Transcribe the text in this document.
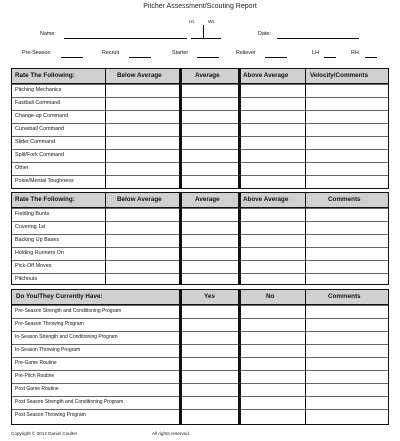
Pitcher Assessment/Scouting Report
Ht.	Wt.
Name:	Date:
Pre-Season	Recruit	Starter	Reliever	LH	RH
Rate The Following:	Below Average	Average	Above Average	Velocity/Comments
Pitching Mechanics
Fastball Command
Change-up Command
Curveball Command
Slider Command
Split/Fork Command
Other
Poise/Mental Toughness
Rate The Following:	Below Average	Average	Above Average	Comments
Fielding Bunts
Covering 1st
Backing Up Bases
Holding Runners On
Pick-Off Moves
Pitchouts
Do You/They Currently Have:	Yes	No	Comments
Pre-Season Strength and Conditioning Program
Pre-Season Throwing Program
In-Season Strength and Conditioning Program
In-Season Throwing Program
Pre-Game Routine
Pre-Pitch Routine
Post Game Routine
Post Season Strength and Conditioning Program
Post Season Throwing Program
Copyright © 2012 Daniel Coulter	All rights reserved.
